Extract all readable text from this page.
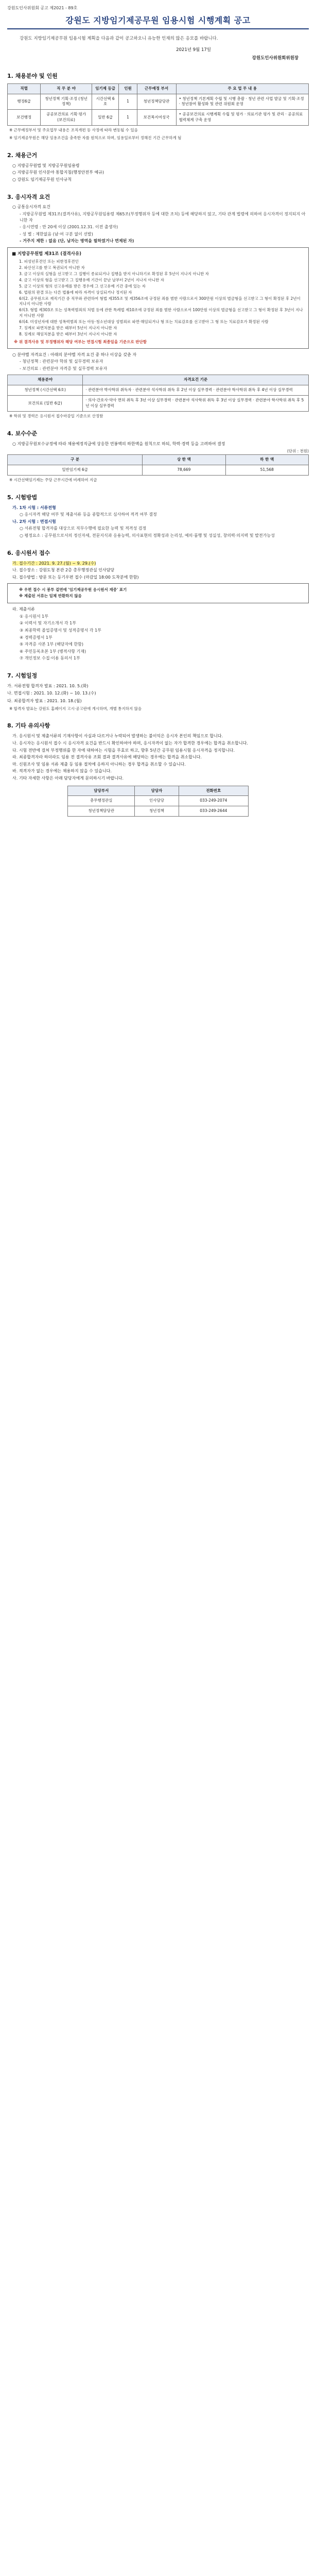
강원도인사위원회 공고 제2021 - 89호
강원도 지방임기제공무원 임용시험 시행계획 공고
강원도 지방임기제공무원 임용시험 계획을 다음과 같이 공고하오니 유능한 인재의 많은 응모를 바랍니다.
2021년 9월 17일
강원도인사위원회위원장
1. 채용분야 및 인원
직렬	직 무 분 야	임기제 등급	인원	근무예정 부서	주 요 업 무 내 용
행정6급	청년정책 기획·조정 (청년정책)	시간선택 6호	1	청년정책담당관	• 청년정책 기본계획 수립 및 시행 총괄 · 청년 관련 사업 발굴 및 기획·조정 · 청년참여 활성화 및 관련 위원회 운영
보건행정	공공보건의료 기획·평가 (보건의료)	일반 6급	1	보건복지여성국	• 공공보건의료 시행계획 수립 및 평가 · 의료기관 평가 및 관리 · 공공의료 협력체계 구축 운영
※ 근무예정부서 및 주요업무 내용은 조직개편 등 사정에 따라 변동될 수 있음
※ 임기제공무원은 해당 임용조건을 충족한 자를 원칙으로 하며, 임용일로부터 정해진 기간 근무하게 됨
2. 채용근거
○ 지방공무원법 및 지방공무원임용령
○ 지방공무원 인사분야 통합지침(행정안전부 예규)
○ 강원도 임기제공무원 인사규칙
3. 응시자격 요건
○ 공통응시자격 요건
- 지방공무원법 제31조(결격사유), 지방공무원임용령 제65조(부정행위자 등에 대한 조치) 등에 해당하지 않고, 기타 관계 법령에 의하여 응시자격이 정지되지 아니한 자
- 응시연령 : 만 20세 이상 (2001.12.31. 이전 출생자)
- 성 별 : 제한없음 (남·여 구분 없이 선발)
- 거주지 제한 : 없음 (단, 남자는 병역을 필하였거나 면제된 자)
■ 지방공무원법 제31조 (결격사유)
1. 피성년후견인 또는 피한정후견인
2. 파산선고를 받고 복권되지 아니한 자
3. 금고 이상의 실형을 선고받고 그 집행이 종료되거나 집행을 받지 아니하기로 확정된 후 5년이 지나지 아니한 자
4. 금고 이상의 형을 선고받고 그 집행유예 기간이 끝난 날부터 2년이 지나지 아니한 자
5. 금고 이상의 형의 선고유예를 받은 경우에 그 선고유예 기간 중에 있는 자
6. 법원의 판결 또는 다른 법률에 따라 자격이 상실되거나 정지된 자
6의2. 공무원으로 재직기간 중 직무와 관련하여 형법 제355조 및 제356조에 규정된 죄를 범한 사람으로서 300만원 이상의 벌금형을 선고받고 그 형이 확정된 후 2년이 지나지 아니한 사람
6의3. 형법 제303조 또는 성폭력범죄의 처벌 등에 관한 특례법 제10조에 규정된 죄를 범한 사람으로서 100만원 이상의 벌금형을 선고받고 그 형이 확정된 후 3년이 지나지 아니한 사람
6의4. 미성년자에 대한 성폭력범죄 또는 아동·청소년대상 성범죄로 파면·해임되거나 형 또는 치료감호를 선고받아 그 형 또는 치료감호가 확정된 사람
7. 징계로 파면처분을 받은 때부터 5년이 지나지 아니한 자
8. 징계로 해임처분을 받은 때부터 3년이 지나지 아니한 자
※ 위 결격사유 및 부정행위자 해당 여부는 면접시험 최종일을 기준으로 판단함
○ 분야별 자격요건 : 아래의 분야별 자격 요건 중 하나 이상을 갖춘 자
- 청년정책 : 관련분야 학위 및 실무경력 보유자
- 보건의료 : 관련분야 자격증 및 실무경력 보유자
채용분야	자격요건 기준
청년정책 (시간선택 6호)	· 관련분야 박사학위 취득자 · 관련분야 석사학위 취득 후 2년 이상 실무경력 · 관련분야 학사학위 취득 후 4년 이상 실무경력
보건의료 (일반 6급)	· 의사·간호사·약사 면허 취득 후 3년 이상 실무경력 · 관련분야 석사학위 취득 후 3년 이상 실무경력 · 관련분야 학사학위 취득 후 5년 이상 실무경력
※ 학위 및 경력은 응시원서 접수마감일 기준으로 산정함
4. 보수수준
○ 지방공무원보수규정에 따라 채용예정직급에 상응한 연봉액의 하한액을 원칙으로 하되, 학력·경력 등을 고려하여 결정
(단위 : 천원)
구 분	상 한 액	하 한 액
일반임기제 6급	78,669	51,568
※ 시간선택임기제는 주당 근무시간에 비례하여 지급
5. 시험방법
가. 1차 시험 : 서류전형
○ 응시자격 해당 여부 및 제출서류 등을 종합적으로 심사하여 적격 여부 결정
나. 2차 시험 : 면접시험
○ 서류전형 합격자를 대상으로 직무수행에 필요한 능력 및 적격성 검정
○ 평정요소 : 공무원으로서의 정신자세, 전문지식과 응용능력, 의사표현의 정확성과 논리성, 예의·품행 및 성실성, 창의력·의지력 및 발전가능성
6. 응시원서 접수
가. 접수기간 : 2021. 9. 27.(월) ~ 9. 29.(수)
나. 접수장소 : 강원도청 본관 2층 총무행정관실 인사담당
다. 접수방법 : 방문 또는 등기우편 접수 (마감일 18:00 도착분에 한함)
※ 우편 접수 시 봉투 겉면에 '임기제공무원 응시원서 재중' 표기
※ 제출된 서류는 일체 반환하지 않음
라. 제출서류
① 응시원서 1부
② 이력서 및 자기소개서 각 1부
③ 최종학력 졸업증명서 및 성적증명서 각 1부
④ 경력증명서 1부
⑤ 자격증 사본 1부 (해당자에 한함)
⑥ 주민등록초본 1부 (병적사항 기재)
⑦ 개인정보 수집·이용 동의서 1부
7. 시험일정
가. 서류전형 합격자 발표 : 2021. 10. 5.(화)
나. 면접시험 : 2021. 10. 12.(화) ~ 10. 13.(수)
다. 최종합격자 발표 : 2021. 10. 18.(월)
※ 합격자 발표는 강원도 홈페이지 고시·공고란에 게시하며, 개별 통지하지 않음
8. 기타 유의사항
가. 응시원서 및 제출서류의 기재사항이 사실과 다르거나 누락되어 발생하는 불이익은 응시자 본인의 책임으로 합니다.
나. 응시자는 응시원서 접수 시 응시자격 요건을 반드시 확인하여야 하며, 응시자격이 없는 자가 합격한 경우에는 합격을 취소합니다.
다. 시험 전반에 걸쳐 부정행위를 한 자에 대하여는 시험을 무효로 하고, 향후 5년간 공무원 임용시험 응시자격을 정지합니다.
라. 최종합격자라 하더라도 임용 전 결격사유 조회 결과 결격사유에 해당하는 경우에는 합격을 취소합니다.
마. 신원조사 및 임용 서류 제출 등 임용 절차에 응하지 아니하는 경우 합격을 취소할 수 있습니다.
바. 적격자가 없는 경우에는 채용하지 않을 수 있습니다.
사. 기타 자세한 사항은 아래 담당자에게 문의하시기 바랍니다.
담당부서	담당자	전화번호
총무행정관실	인사담당	033-249-2074
청년정책담당관	청년정책	033-249-2644
